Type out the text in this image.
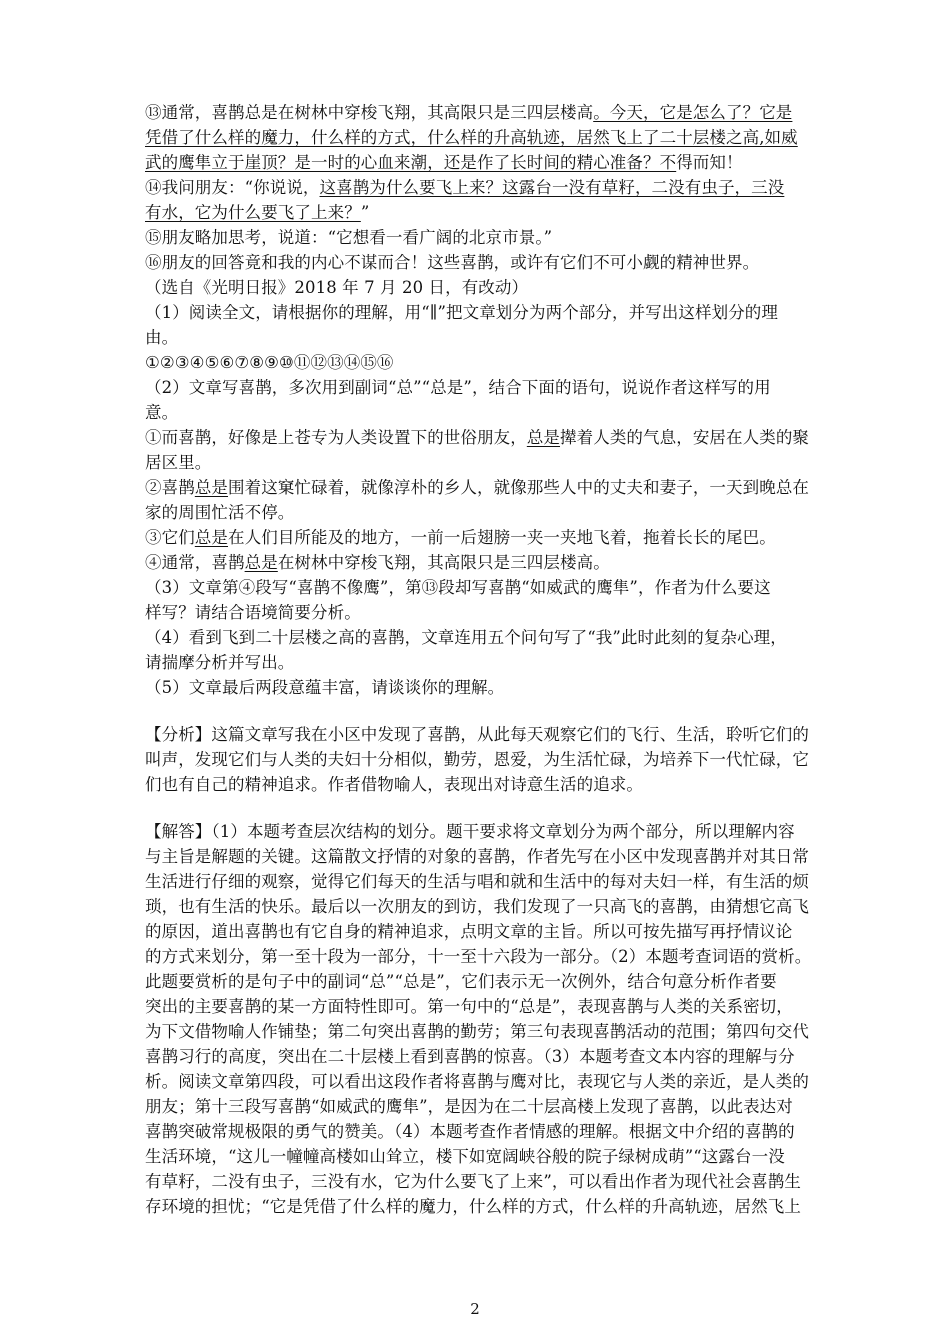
⑬通常，喜鹊总是在树林中穿梭飞翔，其高限只是三四层楼高。今天，它是怎么了？它是
凭借了什么样的魔力，什么样的方式，什么样的升高轨迹，居然飞上了二十层楼之高,如威
武的鹰隼立于崖顶？是一时的心血来潮，还是作了长时间的精心准备？不得而知！
⑭我问朋友：“你说说，这喜鹊为什么要飞上来？这露台一没有草籽，二没有虫子，三没
有水，它为什么要飞了上来？”
⑮朋友略加思考，说道：“它想看一看广阔的北京市景。”
⑯朋友的回答竟和我的内心不谋而合！这些喜鹊，或许有它们不可小觑的精神世界。
（选自《光明日报》2018 年 7 月 20 日，有改动）
（1）阅读全文，请根据你的理解，用“∥”把文章划分为两个部分，并写出这样划分的理
由。
①②③④⑤⑥⑦⑧⑨⑩⑪⑫⑬⑭⑮⑯
（2）文章写喜鹊，多次用到副词“总”“总是”，结合下面的语句，说说作者这样写的用
意。
①而喜鹊，好像是上苍专为人类设置下的世俗朋友，总是撵着人类的气息，安居在人类的聚
居区里。
②喜鹊总是围着这窠忙碌着，就像淳朴的乡人，就像那些人中的丈夫和妻子，一天到晚总在
家的周围忙活不停。
③它们总是在人们目所能及的地方，一前一后翅膀一夹一夹地飞着，拖着长长的尾巴。
④通常，喜鹊总是在树林中穿梭飞翔，其高限只是三四层楼高。
（3）文章第④段写“喜鹊不像鹰”，第⑬段却写喜鹊“如威武的鹰隼”，作者为什么要这
样写？请结合语境简要分析。
（4）看到飞到二十层楼之高的喜鹊，文章连用五个问句写了“我”此时此刻的复杂心理，
请揣摩分析并写出。
（5）文章最后两段意蕴丰富，请谈谈你的理解。
【分析】这篇文章写我在小区中发现了喜鹊，从此每天观察它们的飞行、生活，聆听它们的
叫声，发现它们与人类的夫妇十分相似，勤劳，恩爱，为生活忙碌，为培养下一代忙碌，它
们也有自己的精神追求。作者借物喻人，表现出对诗意生活的追求。
【解答】（1）本题考查层次结构的划分。题干要求将文章划分为两个部分，所以理解内容
与主旨是解题的关键。这篇散文抒情的对象的喜鹊，作者先写在小区中发现喜鹊并对其日常
生活进行仔细的观察，觉得它们每天的生活与唱和就和生活中的每对夫妇一样，有生活的烦
琐，也有生活的快乐。最后以一次朋友的到访，我们发现了一只高飞的喜鹊，由猜想它高飞
的原因，道出喜鹊也有它自身的精神追求，点明文章的主旨。所以可按先描写再抒情议论
的方式来划分，第一至十段为一部分，十一至十六段为一部分。（2）本题考查词语的赏析。
此题要赏析的是句子中的副词“总”“总是”，它们表示无一次例外，结合句意分析作者要
突出的主要喜鹊的某一方面特性即可。第一句中的“总是”，表现喜鹊与人类的关系密切，
为下文借物喻人作铺垫；第二句突出喜鹊的勤劳；第三句表现喜鹊活动的范围；第四句交代
喜鹊习行的高度，突出在二十层楼上看到喜鹊的惊喜。（3）本题考查文本内容的理解与分
析。阅读文章第四段，可以看出这段作者将喜鹊与鹰对比，表现它与人类的亲近，是人类的
朋友；第十三段写喜鹊“如威武的鹰隼”，是因为在二十层高楼上发现了喜鹊，以此表达对
喜鹊突破常规极限的勇气的赞美。（4）本题考查作者情感的理解。根据文中介绍的喜鹊的
生活环境，“这儿一幢幢高楼如山耸立，楼下如宽阔峡谷般的院子绿树成萌”“这露台一没
有草籽，二没有虫子，三没有水，它为什么要飞了上来”，可以看出作者为现代社会喜鹊生
存环境的担忧；“它是凭借了什么样的魔力，什么样的方式，什么样的升高轨迹，居然飞上
2
